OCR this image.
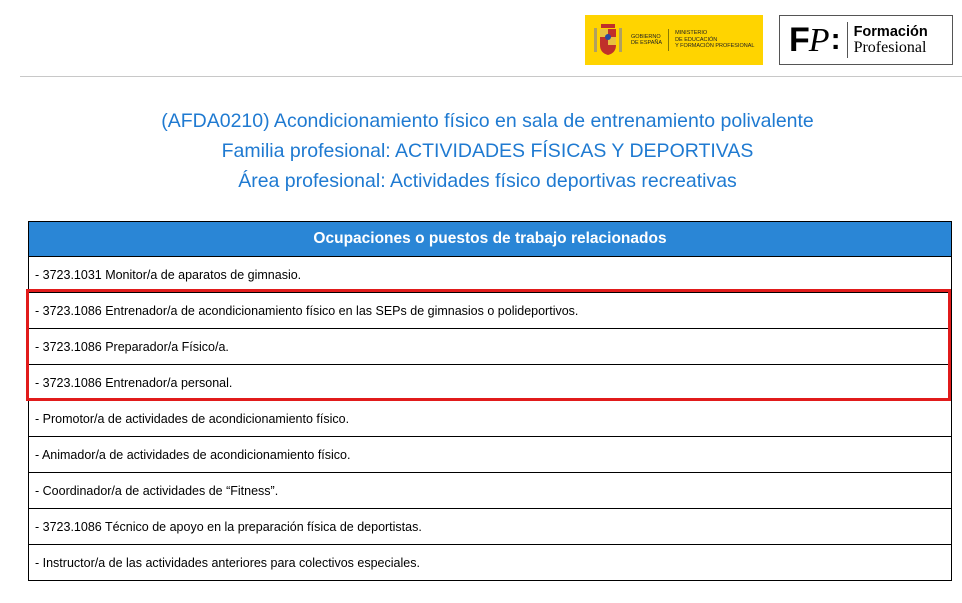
GOBIERNO
DE ESPAÑA
MINISTERIO
DE EDUCACIÓN
Y FORMACIÓN PROFESIONAL FP : Formación
Profesional
(AFDA0210) Acondicionamiento físico en sala de entrenamiento polivalente
Familia profesional: ACTIVIDADES FÍSICAS Y DEPORTIVAS
Área profesional: Actividades físico deportivas recreativas
Ocupaciones o puestos de trabajo relacionados
- 3723.1031 Monitor/a de aparatos de gimnasio.
- 3723.1086 Entrenador/a de acondicionamiento físico en las SEPs de gimnasios o polideportivos.
- 3723.1086 Preparador/a Físico/a.
- 3723.1086 Entrenador/a personal.
- Promotor/a de actividades de acondicionamiento físico.
- Animador/a de actividades de acondicionamiento físico.
- Coordinador/a de actividades de “Fitness”.
- 3723.1086 Técnico de apoyo en la preparación física de deportistas.
- Instructor/a de las actividades anteriores para colectivos especiales.
